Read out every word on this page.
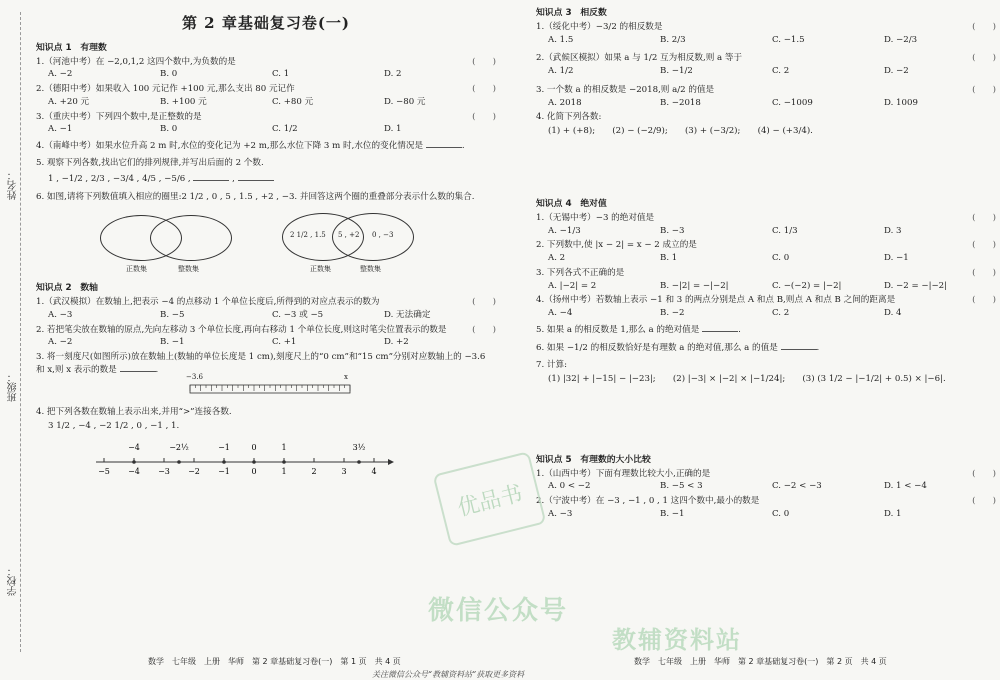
姓名：
班级：
学校：
第 2 章基础复习卷(一)
知识点 1　有理数
1.（河池中考）在 −2,0,1,2 这四个数中,为负数的是	(　　)
A. −2	B. 0	C. 1	D. 2
2.（德阳中考）如果收入 100 元记作 +100 元,那么支出 80 元记作	(　　)
A. +20 元	B. +100 元	C. +80 元	D. −80 元
3.（重庆中考）下列四个数中,是正整数的是	(　　)
A. −1	B. 0	C. 1/2	D. 1
4.（南峰中考）如果水位升高 2 m 时,水位的变化记为 +2 m,那么水位下降 3 m 时,水位的变化情况是	.
5. 观察下列各数,找出它们的排列规律,并写出后面的 2 个数.
1 , −1/2 , 2/3 , −3/4 , 4/5 , −5/6 ,	,
6. 如图,请将下列数值填入相应的圈里:2 1/2 , 0 , 5 , 1.5 , +2 , −3. 并回答这两个圈的重叠部分表示什么数的集合.
正数集	整数集
2 1/2 , 1.5 5 , +2 0 , −3
正数集	整数集
知识点 2　数轴
1.（武汉模拟）在数轴上,把表示 −4 的点移动 1 个单位长度后,所得到的对应点表示的数为	(　　)
A. −3	B. −5	C. −3 或 −5	D. 无法确定
2. 若把笔尖放在数轴的原点,先向左移动 3 个单位长度,再向右移动 1 个单位长度,则这时笔尖位置表示的数是	(　　)
A. −2	B. −1	C. +1	D. +2
3. 将一刻度尺(如图所示)放在数轴上(数轴的单位长度是 1 cm),刻度尺上的“0 cm”和“15 cm”分别对应数轴上的 −3.6 和 x,则 x 表示的数是	.
−3.6	x
4. 把下列各数在数轴上表示出来,并用“>”连接各数.
3 1/2 , −4 , −2 1/2 , 0 , −1 , 1.
−5 −4 −3 −2 −1	0	1	2	3	4
−4	−2½	−1	0	1	3½
知识点 3　相反数
1.（绥化中考）−3/2 的相反数是	(　　)
A. 1.5	B. 2/3	C. −1.5	D. −2/3
2.（武候区模拟）如果 a 与 1/2 互为相反数,则 a 等于	(　　)
A. 1/2	B. −1/2	C. 2	D. −2
3. 一个数 a 的相反数是 −2018,则 a/2 的值是	(　　)
A. 2018	B. −2018	C. −1009	D. 1009
4. 化简下列各数:
(1) + (+8);　　(2) − (−2/9);　　(3) + (−3/2);　　(4) − (+3/4).
知识点 4　绝对值
1.（无锡中考）−3 的绝对值是	(　　)
A. −1/3	B. −3	C. 1/3	D. 3
2. 下列数中,使 |x − 2| = x − 2 成立的是	(　　)
A. 2	B. 1	C. 0	D. −1
3. 下列各式不正确的是	(　　)
A. |−2| = 2	B. −|2| = −|−2|	C. −(−2) = |−2|	D. −2 = −|−2|
4.（扬州中考）若数轴上表示 −1 和 3 的两点分别是点 A 和点 B,则点 A 和点 B 之间的距离是	(　　)
A. −4	B. −2	C. 2	D. 4
5. 如果 a 的相反数是 1,那么 a 的绝对值是	.
6. 如果 −1/2 的相反数恰好是有理数 a 的绝对值,那么 a 的值是	.
7. 计算:
(1) |32| + |−15| − |−23|;　　(2) |−3| × |−2| × |−1/24|;　　(3) (3 1/2 − |−1/2| + 0.5) × |−6|.
知识点 5　有理数的大小比较
1.（山西中考）下面有理数比较大小,正确的是	(　　)
A. 0 < −2	B. −5 < 3	C. −2 < −3	D. 1 < −4
2.（宁波中考）在 −3 , −1 , 0 , 1 这四个数中,最小的数是	(　　)
A. −3	B. −1	C. 0	D. 1
优品书
微信公众号
教辅资料站
数学　七年级　上册　华师　第 2 章基础复习卷(一)　第 1 页　共 4 页	数学　七年级　上册　华师　第 2 章基础复习卷(一)　第 2 页　共 4 页
关注微信公众号“教辅资料站”获取更多资料
